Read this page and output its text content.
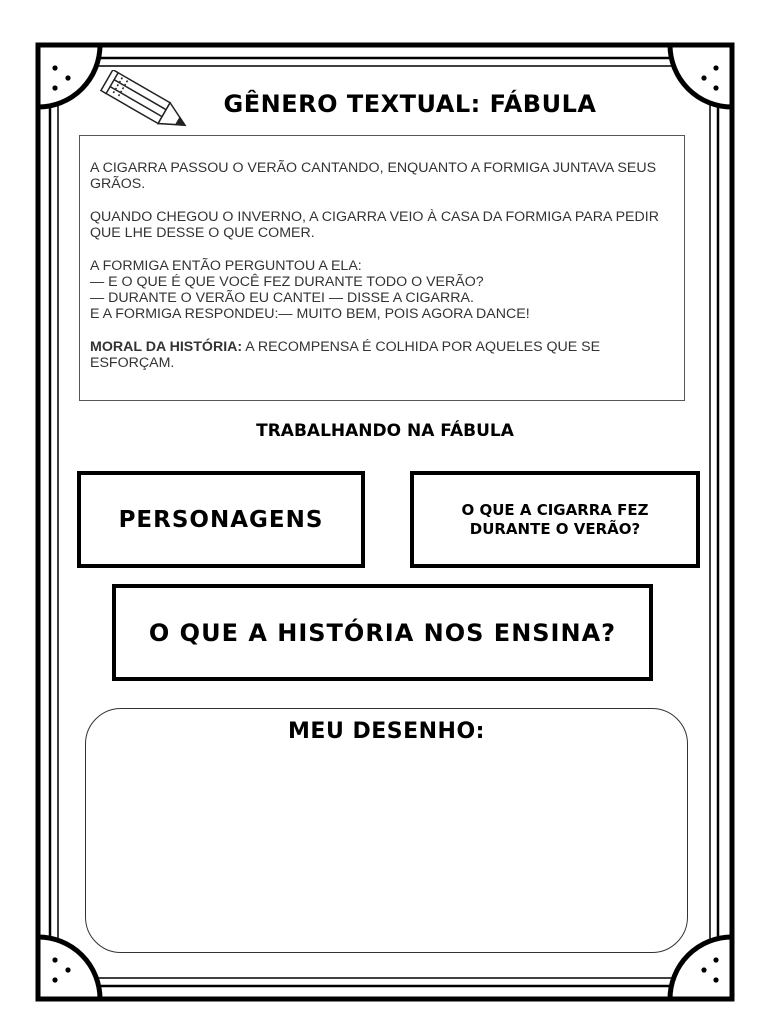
GÊNERO TEXTUAL: FÁBULA

A CIGARRA PASSOU O VERÃO CANTANDO, ENQUANTO A FORMIGA JUNTAVA SEUS GRÃOS.

QUANDO CHEGOU O INVERNO, A CIGARRA VEIO À CASA DA FORMIGA PARA PEDIR QUE LHE DESSE O QUE COMER.

A FORMIGA ENTÃO PERGUNTOU A ELA:
— E O QUE É QUE VOCÊ FEZ DURANTE TODO O VERÃO?
— DURANTE O VERÃO EU CANTEI — DISSE A CIGARRA.
E A FORMIGA RESPONDEU:— MUITO BEM, POIS AGORA DANCE!

MORAL DA HISTÓRIA: A RECOMPENSA É COLHIDA POR AQUELES QUE SE ESFORÇAM.

TRABALHANDO NA FÁBULA
PERSONAGENS	O QUE A CIGARRA FEZ DURANTE O VERÃO?
O QUE A HISTÓRIA NOS ENSINA?
MEU DESENHO:
